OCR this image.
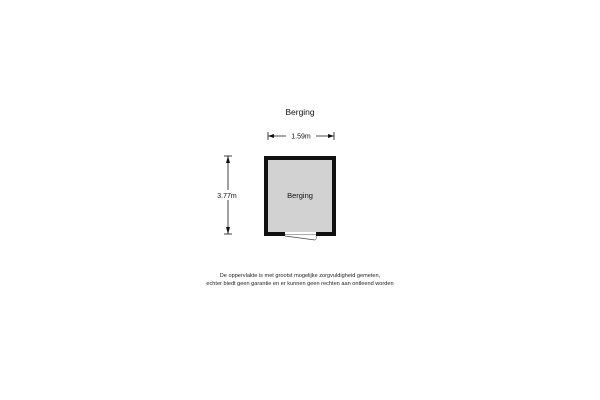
Berging
1.59m
3.77m	Berging
De oppervlakte is met grootst mogelijke zorgvuldigheid gemeten,
echter biedt geen garantie en er kunnen geen rechten aan ontleend worden
